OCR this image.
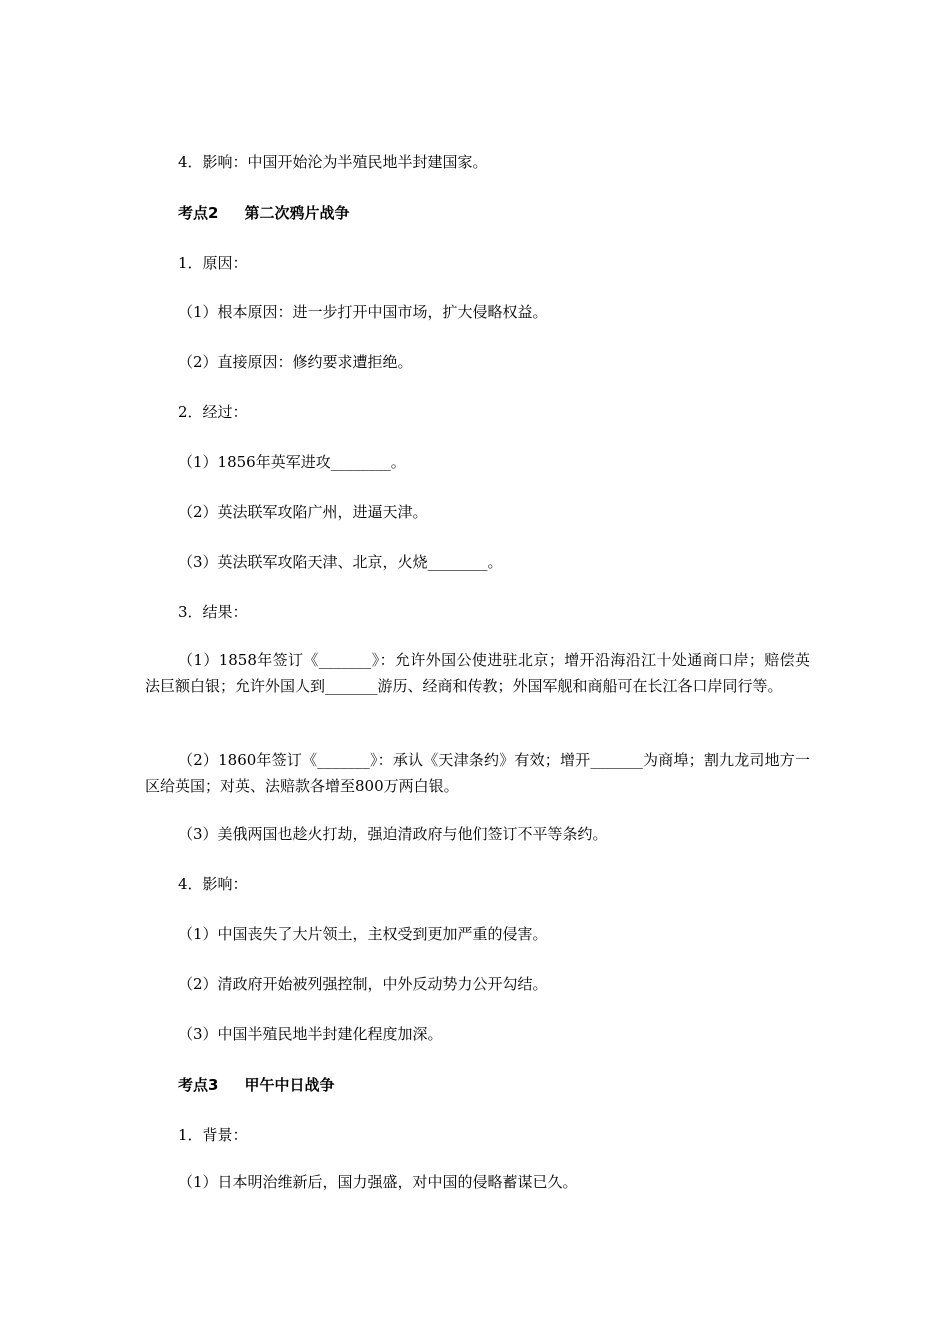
4．影响：中国开始沦为半殖民地半封建国家。
考点2 第二次鸦片战争
1．原因：
（1）根本原因：进一步打开中国市场，扩大侵略权益。
（2）直接原因：修约要求遭拒绝。
2．经过：
（1）1856年英军进攻________。
（2）英法联军攻陷广州，进逼天津。
（3）英法联军攻陷天津、北京，火烧________。
3．结果：
（1）1858年签订《_______》：允许外国公使进驻北京；增开沿海沿江十处通商口岸；赔偿英法巨额白银；允许外国人到_______游历、经商和传教；外国军舰和商船可在长江各口岸同行等。
（2）1860年签订《_______》：承认《天津条约》有效；增开_______为商埠；割九龙司地方一区给英国；对英、法赔款各增至800万两白银。
（3）美俄两国也趁火打劫，强迫清政府与他们签订不平等条约。
4．影响：
（1）中国丧失了大片领土，主权受到更加严重的侵害。
（2）清政府开始被列强控制，中外反动势力公开勾结。
（3）中国半殖民地半封建化程度加深。
考点3 甲午中日战争
1．背景：
（1）日本明治维新后，国力强盛，对中国的侵略蓄谋已久。
